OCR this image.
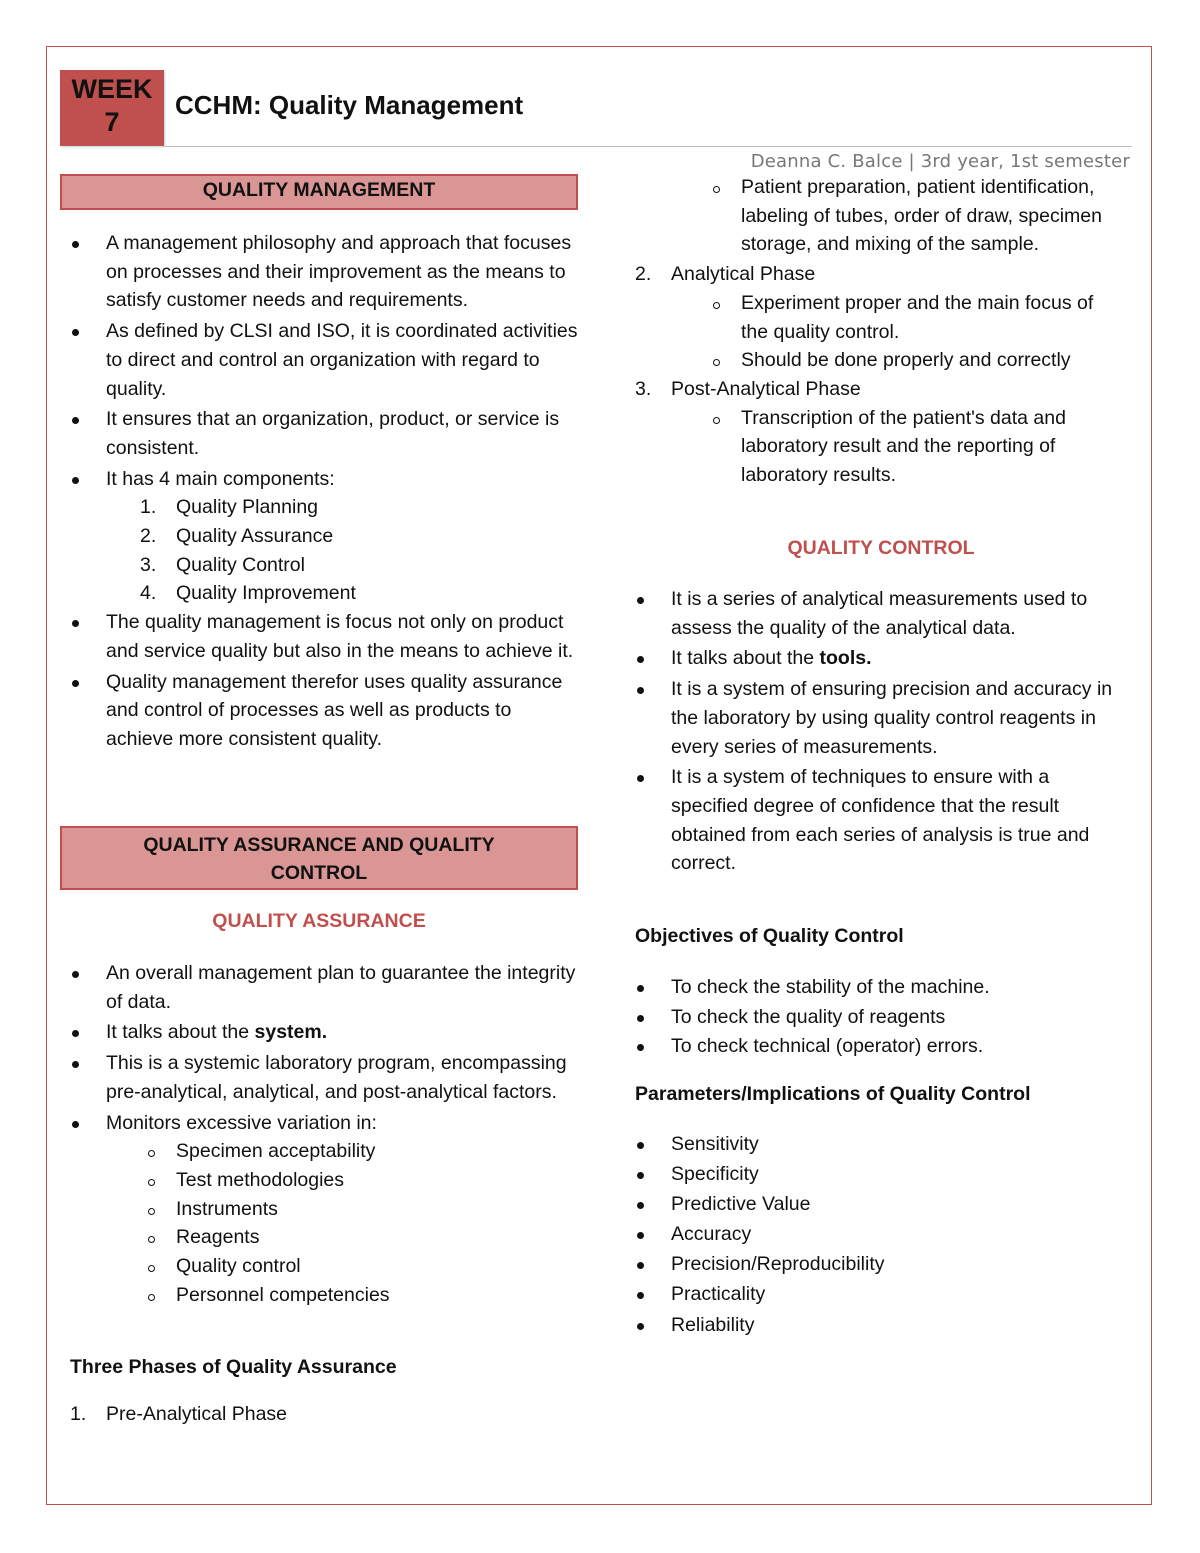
WEEK
7
CCHM: Quality Management
Deanna C. Balce | 3rd year, 1st semester
QUALITY MANAGEMENT
A management philosophy and approach that focuses on processes and their improvement as the means to satisfy customer needs and requirements.
As defined by CLSI and ISO, it is coordinated activities to direct and control an organization with regard to quality.
It ensures that an organization, product, or service is consistent.
It has 4 main components:
1. Quality Planning
2. Quality Assurance
3. Quality Control
4. Quality Improvement
The quality management is focus not only on product and service quality but also in the means to achieve it.
Quality management therefor uses quality assurance and control of processes as well as products to achieve more consistent quality.
QUALITY ASSURANCE AND QUALITY
CONTROL
QUALITY ASSURANCE
An overall management plan to guarantee the integrity of data.
It talks about the system.
This is a systemic laboratory program, encompassing pre-analytical, analytical, and post-analytical factors.
Monitors excessive variation in:
Specimen acceptability
Test methodologies
Instruments
Reagents
Quality control
Personnel competencies
Three Phases of Quality Assurance
1. Pre-Analytical Phase
Patient preparation, patient identification, labeling of tubes, order of draw, specimen storage, and mixing of the sample.
2. Analytical Phase
Experiment proper and the main focus of the quality control.
Should be done properly and correctly
3. Post-Analytical Phase
Transcription of the patient's data and laboratory result and the reporting of laboratory results.
QUALITY CONTROL
It is a series of analytical measurements used to assess the quality of the analytical data.
It talks about the tools.
It is a system of ensuring precision and accuracy in the laboratory by using quality control reagents in every series of measurements.
It is a system of techniques to ensure with a specified degree of confidence that the result obtained from each series of analysis is true and correct.
Objectives of Quality Control
To check the stability of the machine.
To check the quality of reagents
To check technical (operator) errors.
Parameters/Implications of Quality Control
Sensitivity
Specificity
Predictive Value
Accuracy
Precision/Reproducibility
Practicality
Reliability
